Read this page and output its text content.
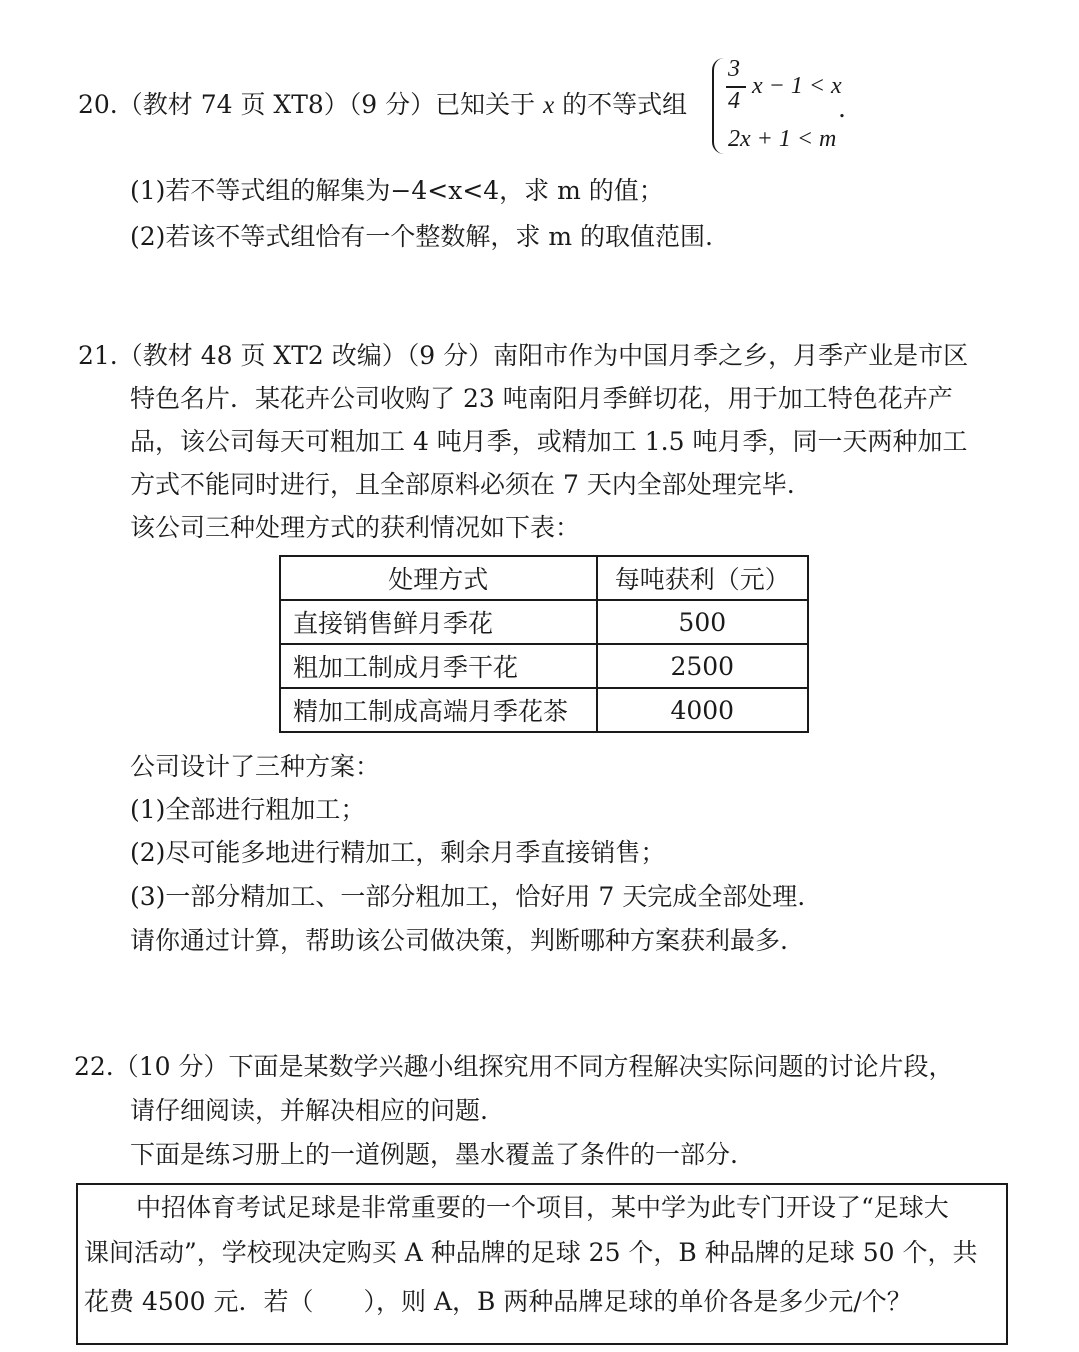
20.（教材 74 页 XT8）（9 分）已知关于 x 的不等式组
3
4
x − 1 < x
2x + 1 < m
.
(1)若不等式组的解集为−4<x<4，求 m 的值；
(2)若该不等式组恰有一个整数解，求 m 的取值范围.
21.（教材 48 页 XT2 改编）（9 分）南阳市作为中国月季之乡，月季产业是市区
特色名片．某花卉公司收购了 23 吨南阳月季鲜切花，用于加工特色花卉产
品，该公司每天可粗加工 4 吨月季，或精加工 1.5 吨月季，同一天两种加工
方式不能同时进行，且全部原料必须在 7 天内全部处理完毕.
该公司三种处理方式的获利情况如下表：
处理方式	每吨获利（元）
直接销售鲜月季花	500
粗加工制成月季干花	2500
精加工制成高端月季花茶	4000
公司设计了三种方案：
(1)全部进行粗加工；
(2)尽可能多地进行精加工，剩余月季直接销售；
(3)一部分精加工、一部分粗加工，恰好用 7 天完成全部处理.
请你通过计算，帮助该公司做决策，判断哪种方案获利最多.
22.（10 分）下面是某数学兴趣小组探究用不同方程解决实际问题的讨论片段，
请仔细阅读，并解决相应的问题.
下面是练习册上的一道例题，墨水覆盖了条件的一部分.
中招体育考试足球是非常重要的一个项目，某中学为此专门开设了“足球大
课间活动”，学校现决定购买 A 种品牌的足球 25 个，B 种品牌的足球 50 个，共
花费 4500 元．若（　　），则 A，B 两种品牌足球的单价各是多少元/个？
